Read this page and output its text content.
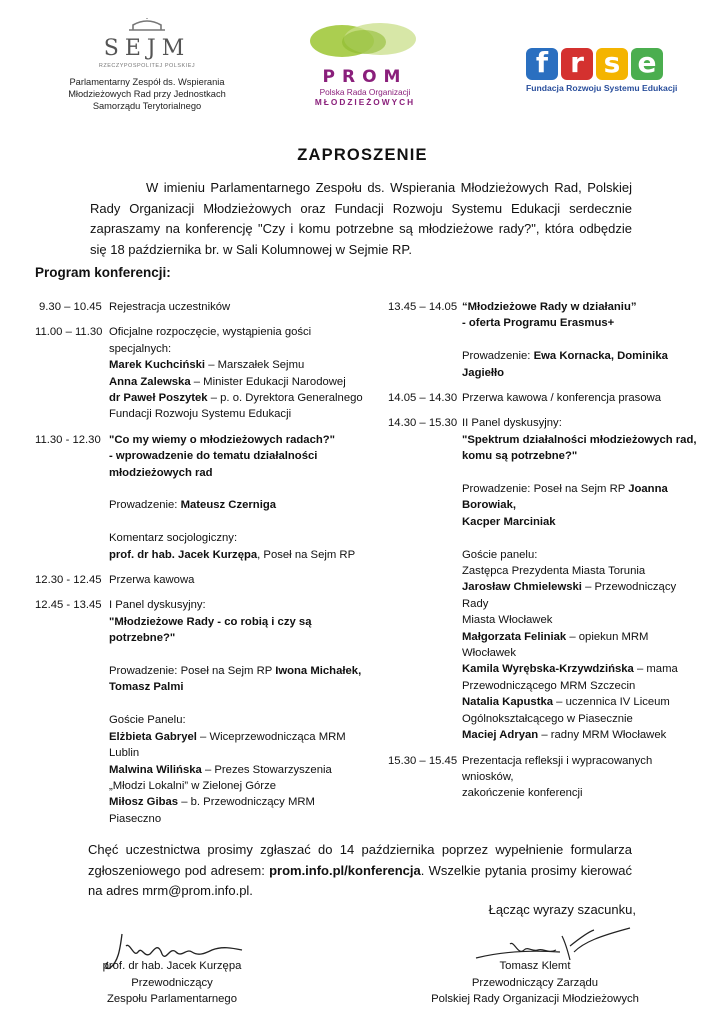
SEJM
RZECZYPOSPOLITEJ POLSKIEJ
Parlamentarny Zespół ds. Wspierania
Młodzieżowych Rad przy Jednostkach
Samorządu Terytorialnego
PROM
Polska Rada Organizacji
MŁODZIEŻOWYCH
f r s e
Fundacja Rozwoju Systemu Edukacji
ZAPROSZENIE
W imieniu Parlamentarnego Zespołu ds. Wspierania Młodzieżowych Rad, Polskiej Rady Organizacji Młodzieżowych oraz Fundacji Rozwoju Systemu Edukacji serdecznie zapraszamy na konferencję "Czy i komu potrzebne są młodzieżowe rady?", która odbędzie się 18 października br. w Sali Kolumnowej w Sejmie RP.
Program konferencji:
9.30 – 10.45 Rejestracja uczestników
11.00 – 11.30 Oficjalne rozpoczęcie, wystąpienia gości
specjalnych:
Marek Kuchciński – Marszałek Sejmu
Anna Zalewska – Minister Edukacji Narodowej
dr Paweł Poszytek – p. o. Dyrektora Generalnego
Fundacji Rozwoju Systemu Edukacji
11.30 - 12.30 "Co my wiemy o młodzieżowych radach?"
- wprowadzenie do tematu działalności
młodzieżowych rad
Prowadzenie: Mateusz Czerniga
Komentarz socjologiczny:
prof. dr hab. Jacek Kurzępa, Poseł na Sejm RP
12.30 - 12.45 Przerwa kawowa
12.45 - 13.45 I Panel dyskusyjny:
"Młodzieżowe Rady - co robią i czy są
potrzebne?"
Prowadzenie: Poseł na Sejm RP Iwona Michałek,
Tomasz Palmi
Goście Panelu:
Elżbieta Gabryel – Wiceprzewodnicząca MRM
Lublin
Malwina Wilińska – Prezes Stowarzyszenia
„Młodzi Lokalni” w Zielonej Górze
Miłosz Gibas – b. Przewodniczący MRM Piaseczno
13.45 – 14.05 “Młodzieżowe Rady w działaniu”
- oferta Programu Erasmus+
Prowadzenie: Ewa Kornacka, Dominika Jagiełło
14.05 – 14.30 Przerwa kawowa / konferencja prasowa
14.30 – 15.30 II Panel dyskusyjny:
"Spektrum działalności młodzieżowych rad,
komu są potrzebne?"
Prowadzenie: Poseł na Sejm RP Joanna Borowiak,
Kacper Marciniak
Goście panelu:
Zastępca Prezydenta Miasta Torunia
Jarosław Chmielewski – Przewodniczący Rady
Miasta Włocławek
Małgorzata Feliniak – opiekun MRM Włocławek
Kamila Wyrębska-Krzywdzińska – mama
Przewodniczącego MRM Szczecin
Natalia Kapustka – uczennica IV Liceum
Ogólnokształcącego w Piasecznie
Maciej Adryan – radny MRM Włocławek
15.30 – 15.45 Prezentacja refleksji i wypracowanych wniosków,
zakończenie konferencji
Chęć uczestnictwa prosimy zgłaszać do 14 października poprzez wypełnienie formularza zgłoszeniowego pod adresem: prom.info.pl/konferencja. Wszelkie pytania prosimy kierować na adres mrm@prom.info.pl.
Łącząc wyrazy szacunku,
prof. dr hab. Jacek Kurzępa
Przewodniczący
Zespołu Parlamentarnego
Tomasz Klemt
Przewodniczący Zarządu
Polskiej Rady Organizacji Młodzieżowych
